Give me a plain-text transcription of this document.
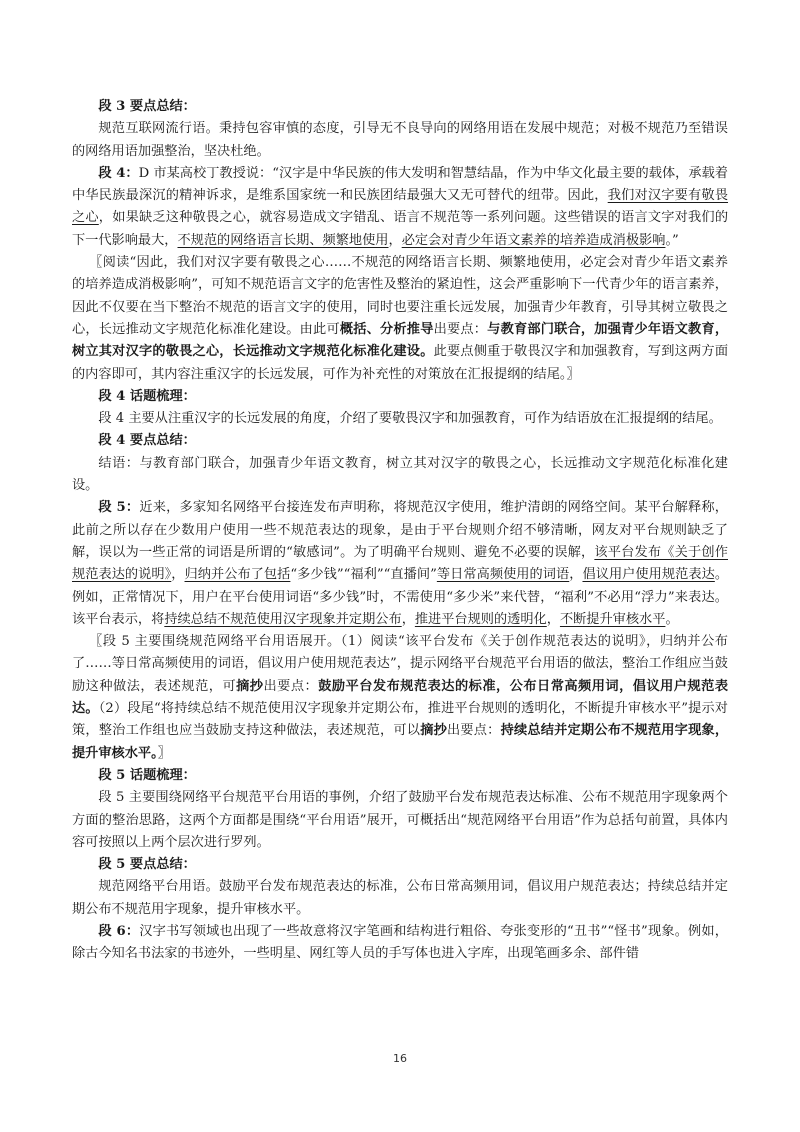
段 3 要点总结：

规范互联网流行语。秉持包容审慎的态度，引导无不良导向的网络用语在发展中规范；对极不规范乃至错误的网络用语加强整治，坚决杜绝。

段 4：D 市某高校丁教授说：“汉字是中华民族的伟大发明和智慧结晶，作为中华文化最主要的载体，承载着中华民族最深沉的精神诉求，是维系国家统一和民族团结最强大又无可替代的纽带。因此，我们对汉字要有敬畏之心，如果缺乏这种敬畏之心，就容易造成文字错乱、语言不规范等一系列问题。这些错误的语言文字对我们的下一代影响最大，不规范的网络语言长期、频繁地使用，必定会对青少年语文素养的培养造成消极影响。”

〖阅读“因此，我们对汉字要有敬畏之心……不规范的网络语言长期、频繁地使用，必定会对青少年语文素养的培养造成消极影响”，可知不规范语言文字的危害性及整治的紧迫性，这会严重影响下一代青少年的语言素养，因此不仅要在当下整治不规范的语言文字的使用，同时也要注重长远发展，加强青少年教育，引导其树立敬畏之心，长远推动文字规范化标准化建设。由此可概括、分析推导出要点：与教育部门联合，加强青少年语文教育，树立其对汉字的敬畏之心，长远推动文字规范化标准化建设。此要点侧重于敬畏汉字和加强教育，写到这两方面的内容即可，其内容注重汉字的长远发展，可作为补充性的对策放在汇报提纲的结尾。〗

段 4 话题梳理：

段 4 主要从注重汉字的长远发展的角度，介绍了要敬畏汉字和加强教育，可作为结语放在汇报提纲的结尾。

段 4 要点总结：

结语：与教育部门联合，加强青少年语文教育，树立其对汉字的敬畏之心，长远推动文字规范化标准化建设。

段 5：近来，多家知名网络平台接连发布声明称，将规范汉字使用，维护清朗的网络空间。某平台解释称，此前之所以存在少数用户使用一些不规范表达的现象，是由于平台规则介绍不够清晰，网友对平台规则缺乏了解，误以为一些正常的词语是所谓的“敏感词”。为了明确平台规则、避免不必要的误解，该平台发布《关于创作规范表达的说明》，归纳并公布了包括“多少钱”“福利”“直播间”等日常高频使用的词语，倡议用户使用规范表达。例如，正常情况下，用户在平台使用词语“多少钱”时，不需使用“多少米”来代替，“福利”不必用“浮力”来表达。该平台表示，将持续总结不规范使用汉字现象并定期公布，推进平台规则的透明化，不断提升审核水平。

〖段 5 主要围绕规范网络平台用语展开。（1）阅读“该平台发布《关于创作规范表达的说明》，归纳并公布了……等日常高频使用的词语，倡议用户使用规范表达”，提示网络平台规范平台用语的做法，整治工作组应当鼓励这种做法，表述规范，可摘抄出要点：鼓励平台发布规范表达的标准，公布日常高频用词，倡议用户规范表达。（2）段尾“将持续总结不规范使用汉字现象并定期公布，推进平台规则的透明化，不断提升审核水平”提示对策，整治工作组也应当鼓励支持这种做法，表述规范，可以摘抄出要点：持续总结并定期公布不规范用字现象，提升审核水平。〗

段 5 话题梳理：

段 5 主要围绕网络平台规范平台用语的事例，介绍了鼓励平台发布规范表达标准、公布不规范用字现象两个方面的整治思路，这两个方面都是围绕“平台用语”展开，可概括出“规范网络平台用语”作为总括句前置，具体内容可按照以上两个层次进行罗列。

段 5 要点总结：

规范网络平台用语。鼓励平台发布规范表达的标准，公布日常高频用词，倡议用户规范表达；持续总结并定期公布不规范用字现象，提升审核水平。

段 6：汉字书写领域也出现了一些故意将汉字笔画和结构进行粗俗、夸张变形的“丑书”“怪书”现象。例如，除古今知名书法家的书迹外，一些明星、网红等人员的手写体也进入字库，出现笔画多余、部件错

16
